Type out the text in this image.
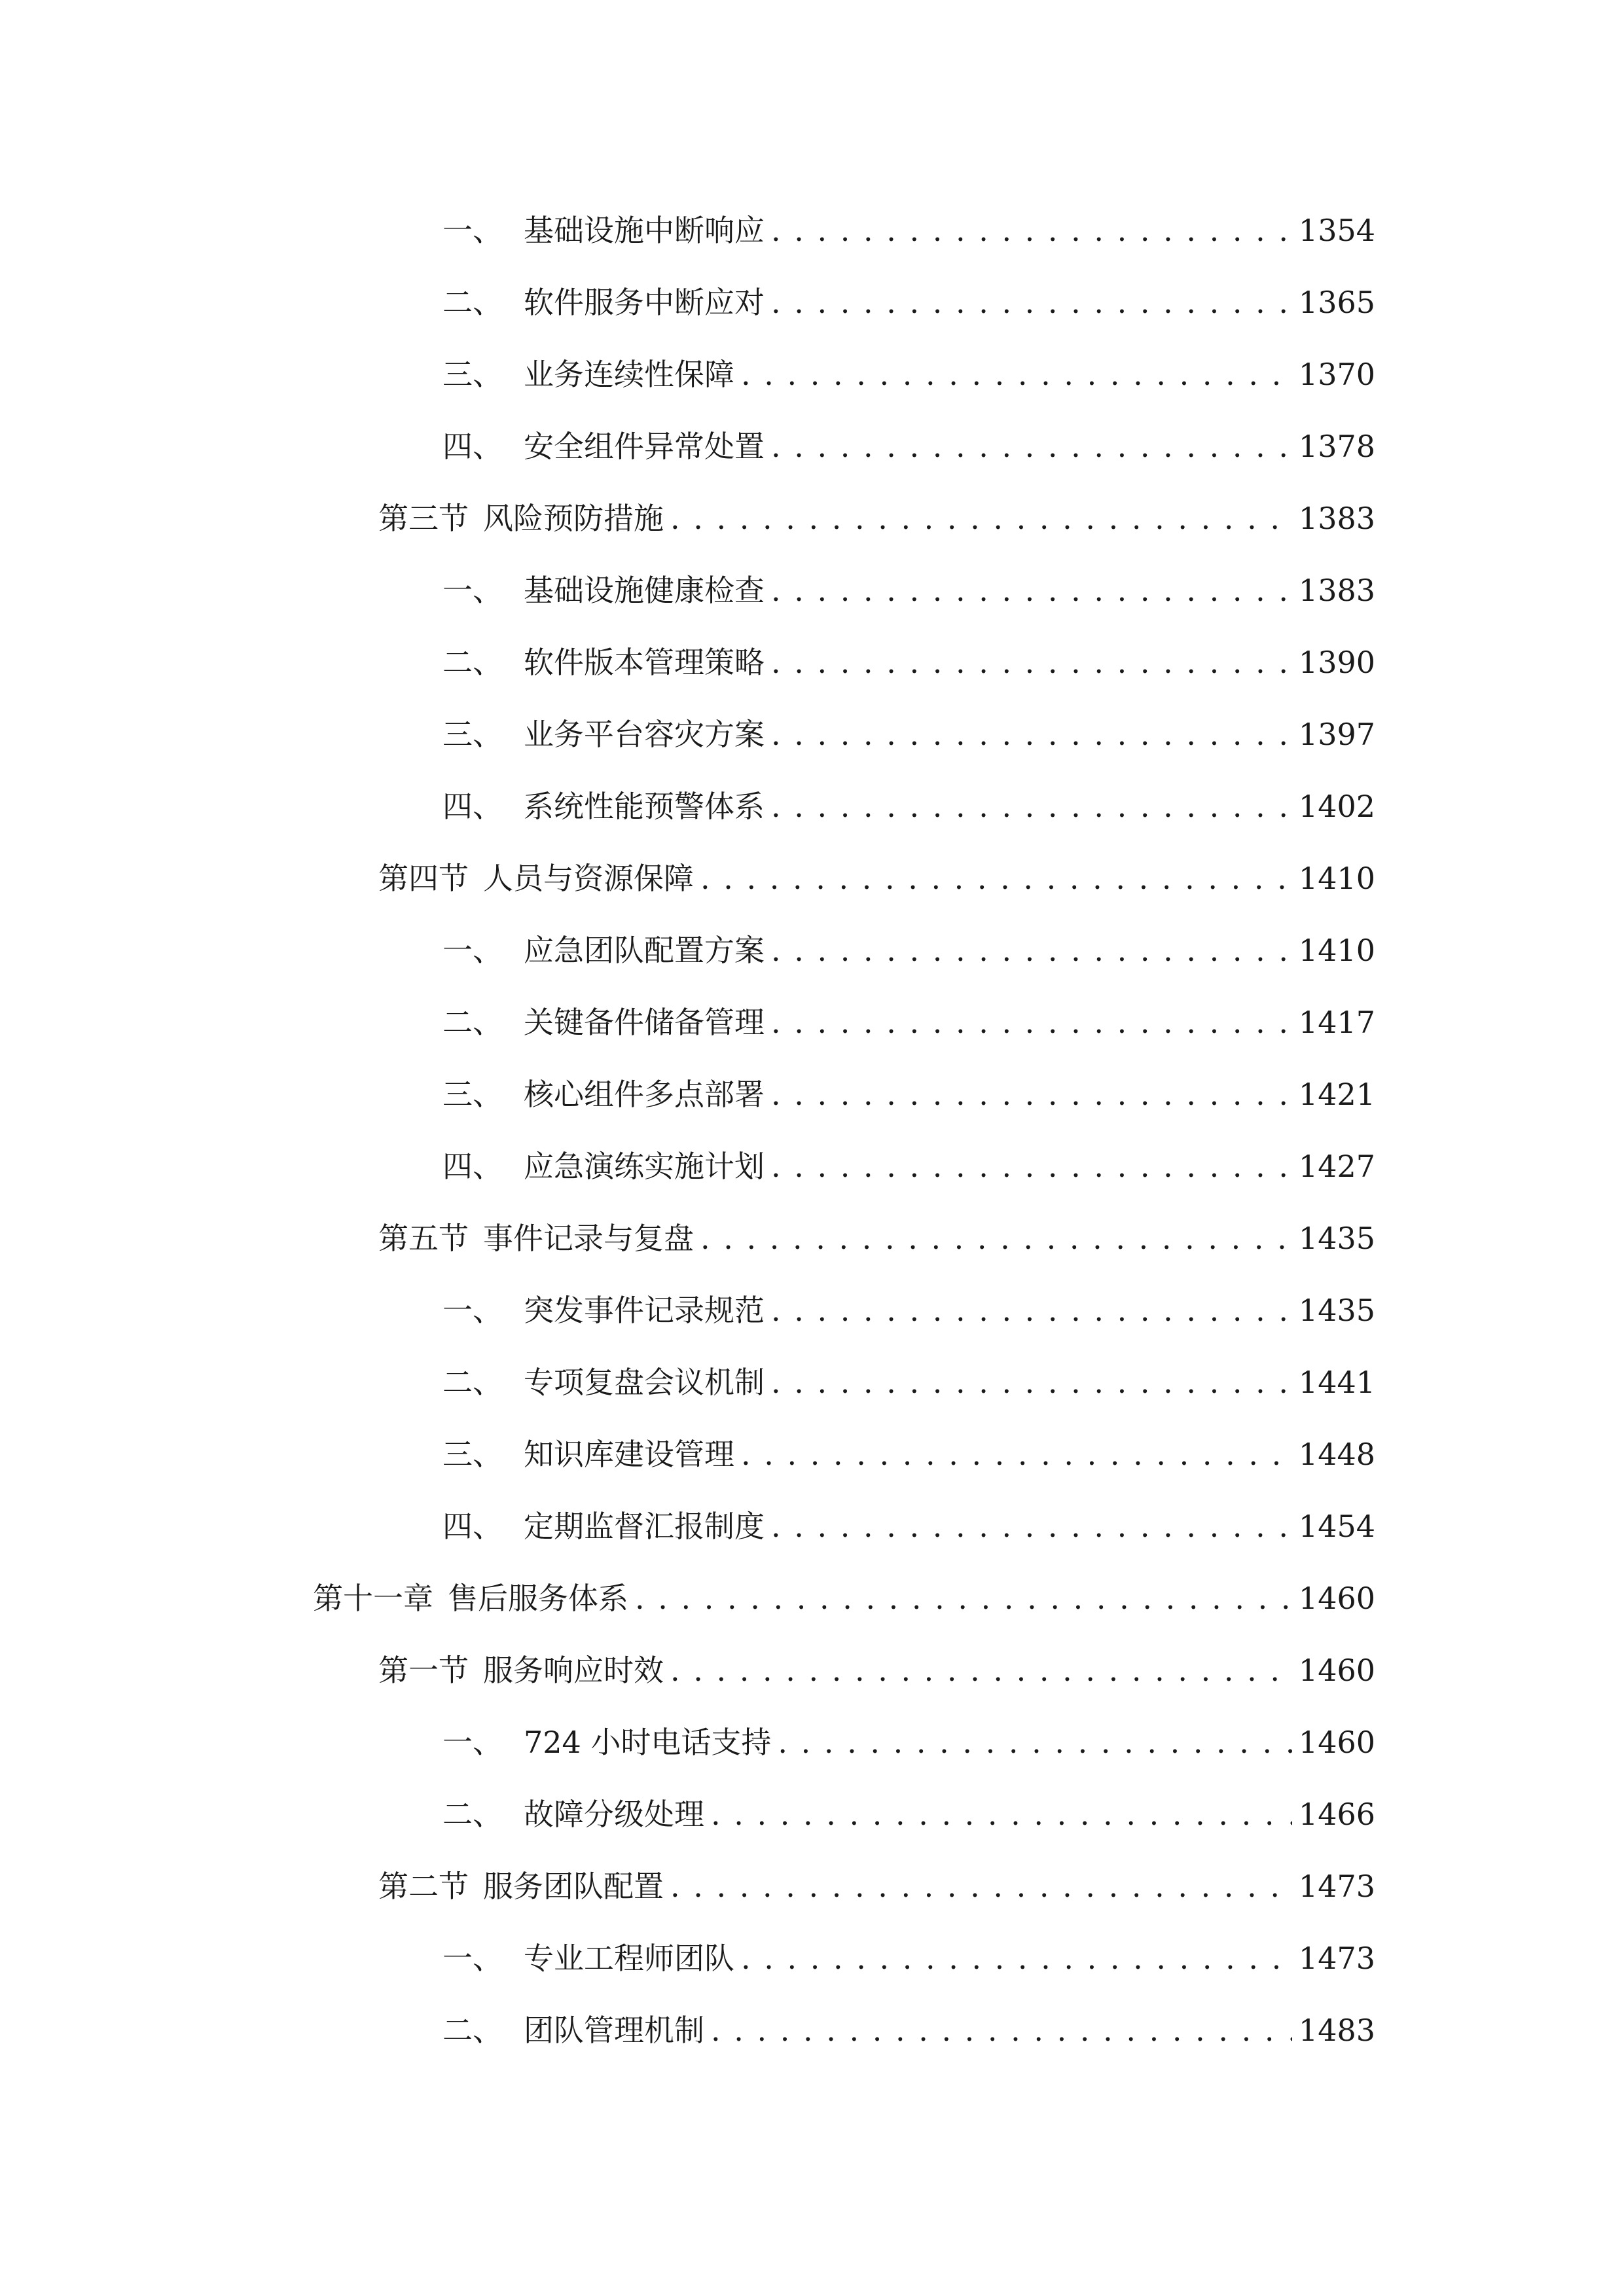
一、 基础设施中断响应 . . .	1354
二、 软件服务中断应对 . . .	1365
三、 业务连续性保障 . . .	1370
四、 安全组件异常处置 . . .	1378
第三节 风险预防措施 . . .	1383
一、 基础设施健康检查 . . .	1383
二、 软件版本管理策略 . . .	1390
三、 业务平台容灾方案 . . .	1397
四、 系统性能预警体系 . . .	1402
第四节 人员与资源保障 . . .	1410
一、 应急团队配置方案 . . .	1410
二、 关键备件储备管理 . . .	1417
三、 核心组件多点部署 . . .	1421
四、 应急演练实施计划 . . .	1427
第五节 事件记录与复盘 . . .	1435
一、 突发事件记录规范 . . .	1435
二、 专项复盘会议机制 . . .	1441
三、 知识库建设管理 . . .	1448
四、 定期监督汇报制度 . . .	1454
第十一章 售后服务体系 . . .	1460
第一节 服务响应时效 . . .	1460
一、 724 小时电话支持 . . .	1460
二、 故障分级处理 . . .	1466
第二节 服务团队配置 . . .	1473
一、 专业工程师团队 . . .	1473
二、 团队管理机制 . . .	1483
